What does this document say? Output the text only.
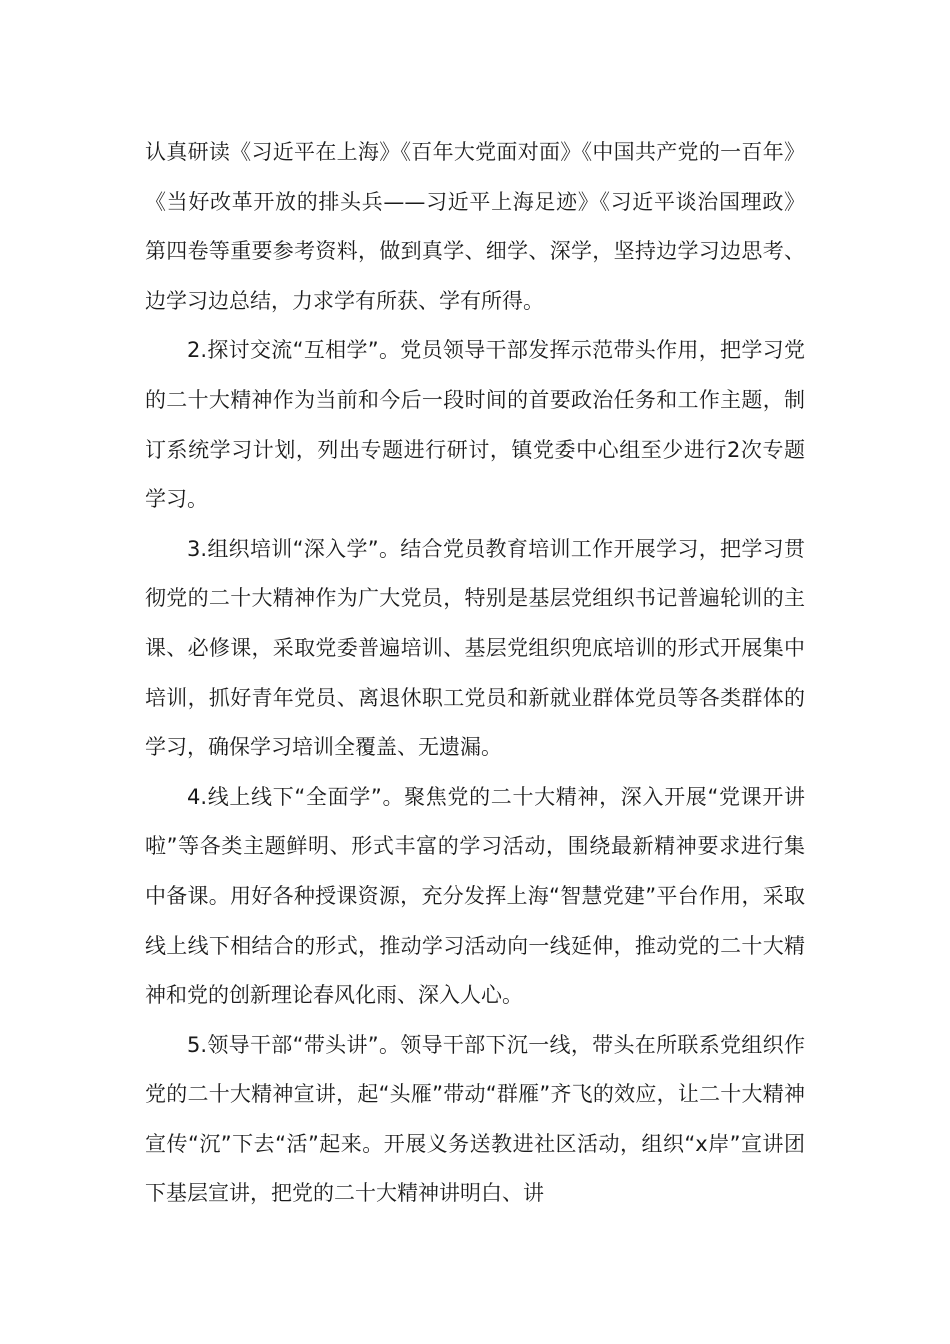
认真研读《习近平在上海》《百年大党面对面》《中国共产党的一百年》《当好改革开放的排头兵——习近平上海足迹》《习近平谈治国理政》第四卷等重要参考资料，做到真学、细学、深学，坚持边学习边思考、边学习边总结，力求学有所获、学有所得。

2.探讨交流“互相学”。党员领导干部发挥示范带头作用，把学习党的二十大精神作为当前和今后一段时间的首要政治任务和工作主题，制订系统学习计划，列出专题进行研讨，镇党委中心组至少进行2次专题学习。

3.组织培训“深入学”。结合党员教育培训工作开展学习，把学习贯彻党的二十大精神作为广大党员，特别是基层党组织书记普遍轮训的主课、必修课，采取党委普遍培训、基层党组织兜底培训的形式开展集中培训，抓好青年党员、离退休职工党员和新就业群体党员等各类群体的学习，确保学习培训全覆盖、无遗漏。

4.线上线下“全面学”。聚焦党的二十大精神，深入开展“党课开讲啦”等各类主题鲜明、形式丰富的学习活动，围绕最新精神要求进行集中备课。用好各种授课资源，充分发挥上海“智慧党建”平台作用，采取线上线下相结合的形式，推动学习活动向一线延伸，推动党的二十大精神和党的创新理论春风化雨、深入人心。

5.领导干部“带头讲”。领导干部下沉一线，带头在所联系党组织作党的二十大精神宣讲，起“头雁”带动“群雁”齐飞的效应，让二十大精神宣传“沉”下去“活”起来。开展义务送教进社区活动，组织“x岸”宣讲团下基层宣讲，把党的二十大精神讲明白、讲
